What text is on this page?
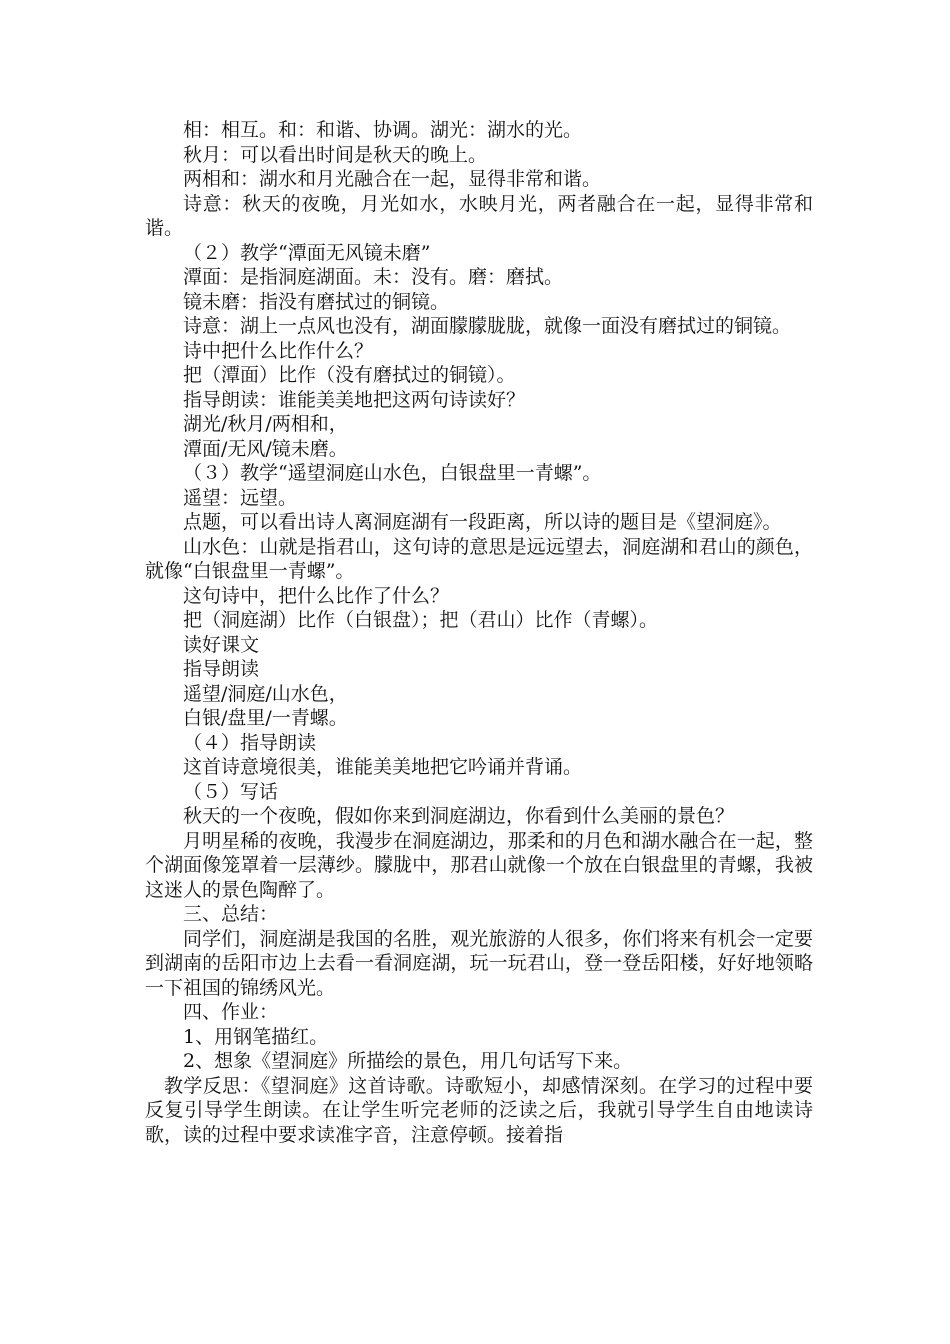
相：相互。和：和谐、协调。湖光：湖水的光。

秋月：可以看出时间是秋天的晚上。

两相和：湖水和月光融合在一起，显得非常和谐。

诗意：秋天的夜晚，月光如水，水映月光，两者融合在一起，显得非常和谐。

（２）教学“潭面无风镜未磨”

潭面：是指洞庭湖面。未：没有。磨：磨拭。

镜未磨：指没有磨拭过的铜镜。

诗意：湖上一点风也没有，湖面朦朦胧胧，就像一面没有磨拭过的铜镜。

诗中把什么比作什么？

把（潭面）比作（没有磨拭过的铜镜）。

指导朗读：谁能美美地把这两句诗读好？

湖光/秋月/两相和，

潭面/无风/镜未磨。

（３）教学“遥望洞庭山水色，白银盘里一青螺”。

遥望：远望。

点题，可以看出诗人离洞庭湖有一段距离，所以诗的题目是《望洞庭》。

山水色：山就是指君山，这句诗的意思是远远望去，洞庭湖和君山的颜色，就像“白银盘里一青螺”。

这句诗中，把什么比作了什么？

把（洞庭湖）比作（白银盘）；把（君山）比作（青螺）。

读好课文

指导朗读

遥望/洞庭/山水色，

白银/盘里/一青螺。

（４）指导朗读

这首诗意境很美，谁能美美地把它吟诵并背诵。

（５）写话

秋天的一个夜晚，假如你来到洞庭湖边，你看到什么美丽的景色？

月明星稀的夜晚，我漫步在洞庭湖边，那柔和的月色和湖水融合在一起，整个湖面像笼罩着一层薄纱。朦胧中，那君山就像一个放在白银盘里的青螺，我被这迷人的景色陶醉了。

三、总结：

同学们，洞庭湖是我国的名胜，观光旅游的人很多，你们将来有机会一定要到湖南的岳阳市边上去看一看洞庭湖，玩一玩君山，登一登岳阳楼，好好地领略一下祖国的锦绣风光。

四、作业：

1、用钢笔描红。

2、想象《望洞庭》所描绘的景色，用几句话写下来。

教学反思：《望洞庭》这首诗歌。诗歌短小，却感情深刻。在学习的过程中要反复引导学生朗读。在让学生听完老师的泛读之后，我就引导学生自由地读诗歌，读的过程中要求读准字音，注意停顿。接着指
